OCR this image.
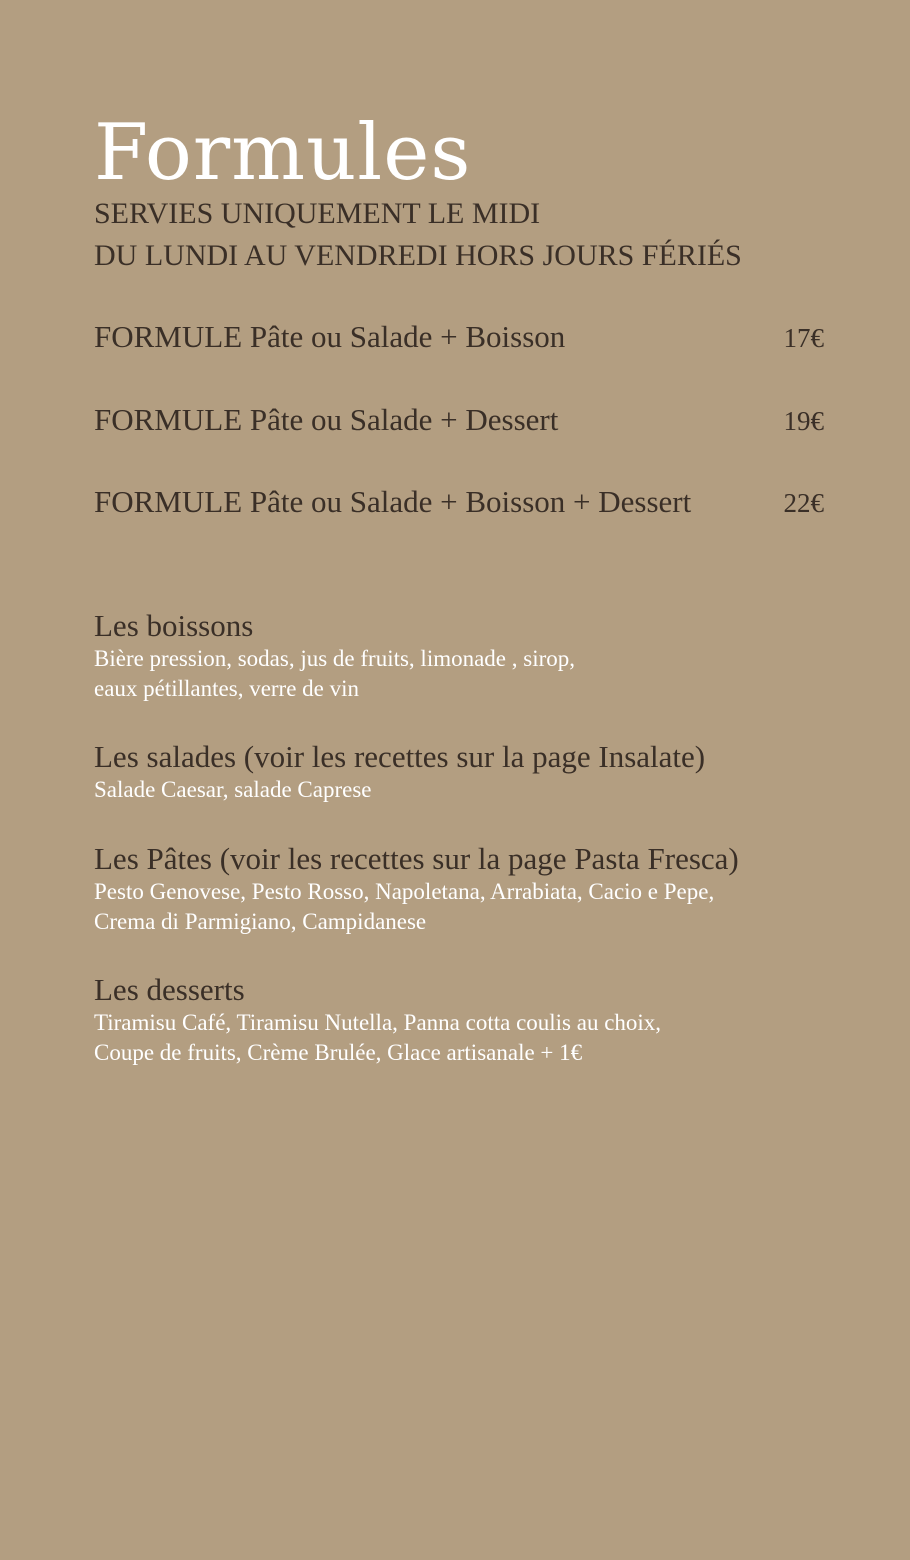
Formules
SERVIES UNIQUEMENT LE MIDI
DU LUNDI AU VENDREDI HORS JOURS FÉRIÉS
FORMULE Pâte ou Salade + Boisson	17€
FORMULE Pâte ou Salade + Dessert	19€
FORMULE Pâte ou Salade + Boisson + Dessert	22€
Les boissons

Bière pression, sodas, jus de fruits, limonade , sirop,

eaux pétillantes, verre de vin

Les salades (voir les recettes sur la page Insalate)

Salade Caesar, salade Caprese

Les Pâtes (voir les recettes sur la page Pasta Fresca)

Pesto Genovese, Pesto Rosso, Napoletana, Arrabiata, Cacio e Pepe,

Crema di Parmigiano, Campidanese

Les desserts

Tiramisu Café, Tiramisu Nutella, Panna cotta coulis au choix,

Coupe de fruits, Crème Brulée, Glace artisanale + 1€
